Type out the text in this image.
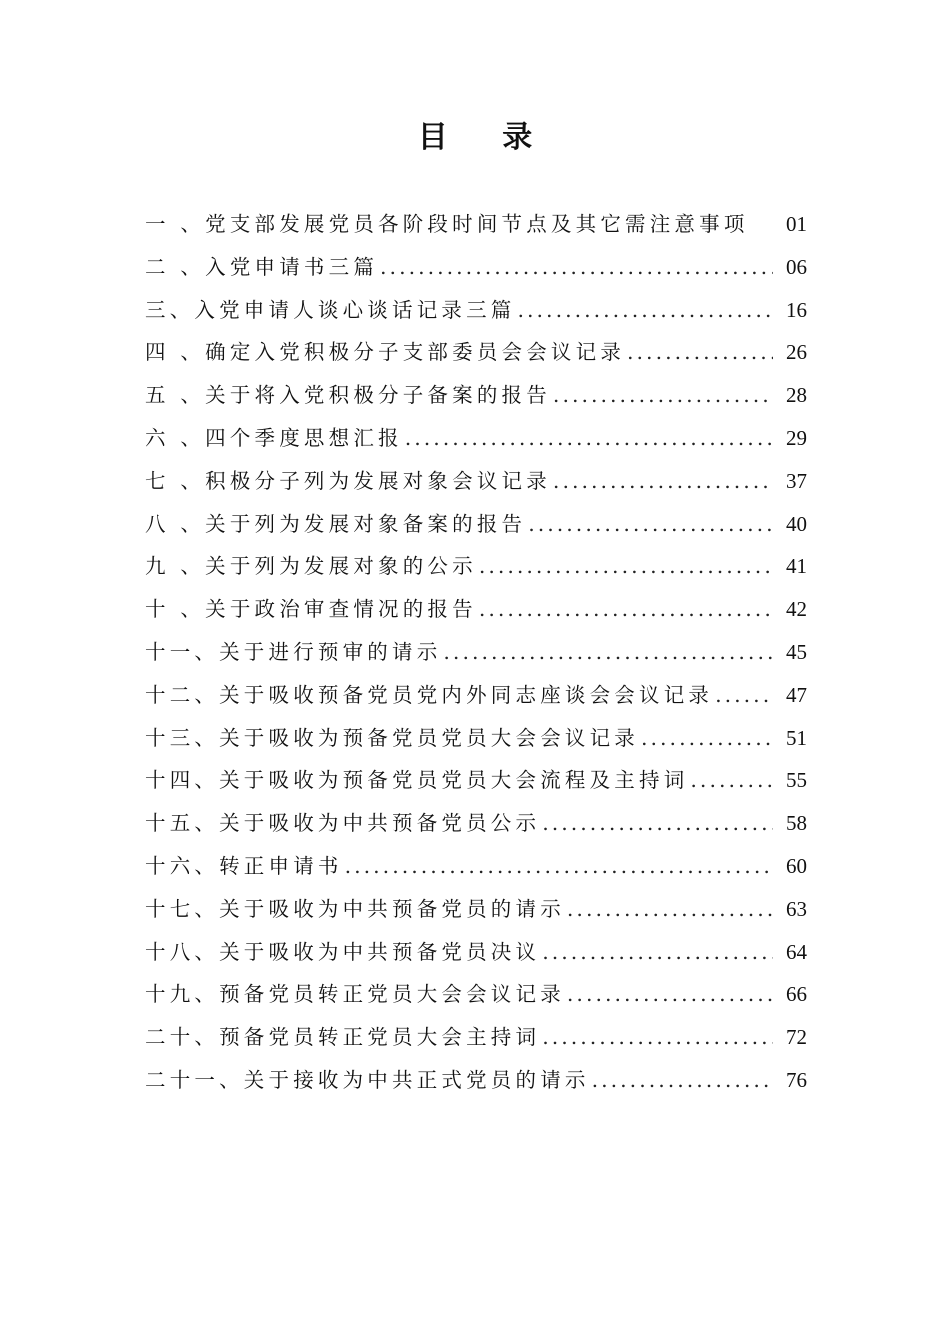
目 录
一 、党支部发展党员各阶段时间节点及其它需注意事项	01
二 、入党申请书三篇 .....	06
三、入党申请人谈心谈话记录三篇 .....	16
四 、确定入党积极分子支部委员会会议记录 .....	26
五 、关于将入党积极分子备案的报告 .....	28
六 、四个季度思想汇报 .....	29
七 、积极分子列为发展对象会议记录 .....	37
八 、关于列为发展对象备案的报告 .....	40
九 、关于列为发展对象的公示 .....	41
十 、关于政治审查情况的报告 .....	42
十一、关于进行预审的请示 .....	45
十二、关于吸收预备党员党内外同志座谈会会议记录 .....	47
十三、关于吸收为预备党员党员大会会议记录 .....	51
十四、关于吸收为预备党员党员大会流程及主持词 .....	55
十五、关于吸收为中共预备党员公示 .....	58
十六、转正申请书 .....	60
十七、关于吸收为中共预备党员的请示 .....	63
十八、关于吸收为中共预备党员决议 .....	64
十九、预备党员转正党员大会会议记录 .....	66
二十、预备党员转正党员大会主持词 .....	72
二十一、关于接收为中共正式党员的请示 .....	76
